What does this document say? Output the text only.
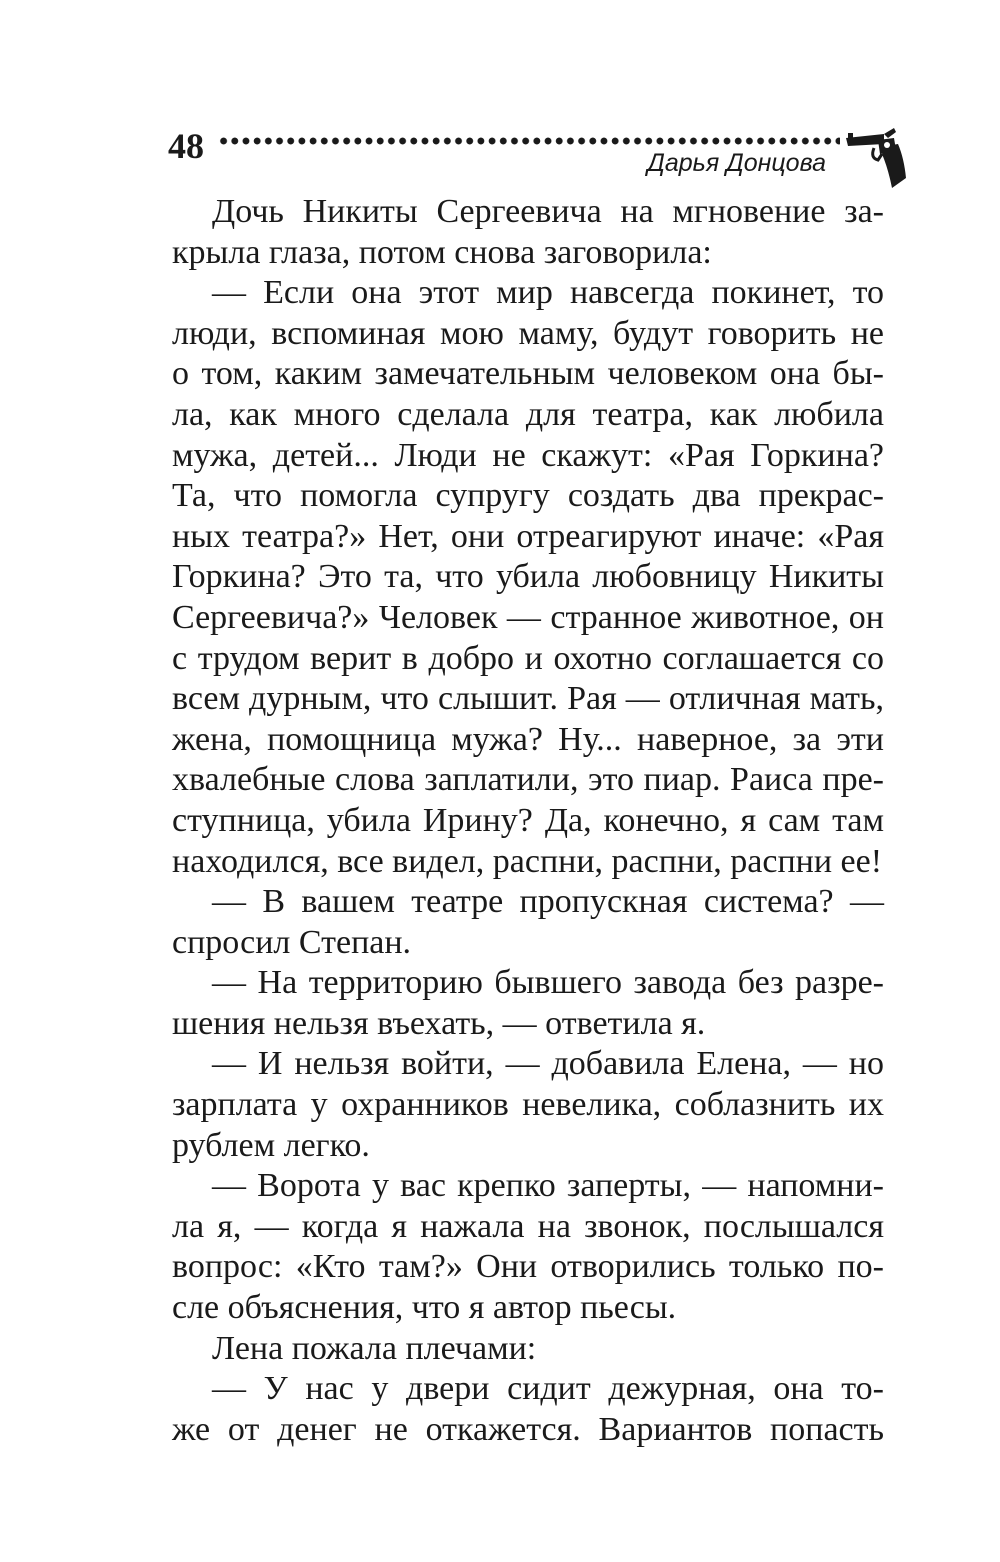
48	Дарья Донцова
Дочь Никиты Сергеевича на мгновение за-
крыла глаза, потом снова заговорила:
— Если она этот мир навсегда покинет, то
люди, вспоминая мою маму, будут говорить не
о том, каким замечательным человеком она бы-
ла, как много сделала для театра, как любила
мужа, детей... Люди не скажут: «Рая Горкина?
Та, что помогла супругу создать два прекрас-
ных театра?» Нет, они отреагируют иначе: «Рая
Горкина? Это та, что убила любовницу Никиты
Сергеевича?» Человек — странное животное, он
с трудом верит в добро и охотно соглашается со
всем дурным, что слышит. Рая — отличная мать,
жена, помощница мужа? Ну... наверное, за эти
хвалебные слова заплатили, это пиар. Раиса пре-
ступница, убила Ирину? Да, конечно, я сам там
находился, все видел, распни, распни, распни ее!
— В вашем театре пропускная система? —
спросил Степан.
— На территорию бывшего завода без разре-
шения нельзя въехать, — ответила я.
— И нельзя войти, — добавила Елена, — но
зарплата у охранников невелика, соблазнить их
рублем легко.
— Ворота у вас крепко заперты, — напомни-
ла я, — когда я нажала на звонок, послышался
вопрос: «Кто там?» Они отворились только по-
сле объяснения, что я автор пьесы.
Лена пожала плечами:
— У нас у двери сидит дежурная, она то-
же от денег не откажется. Вариантов попасть
